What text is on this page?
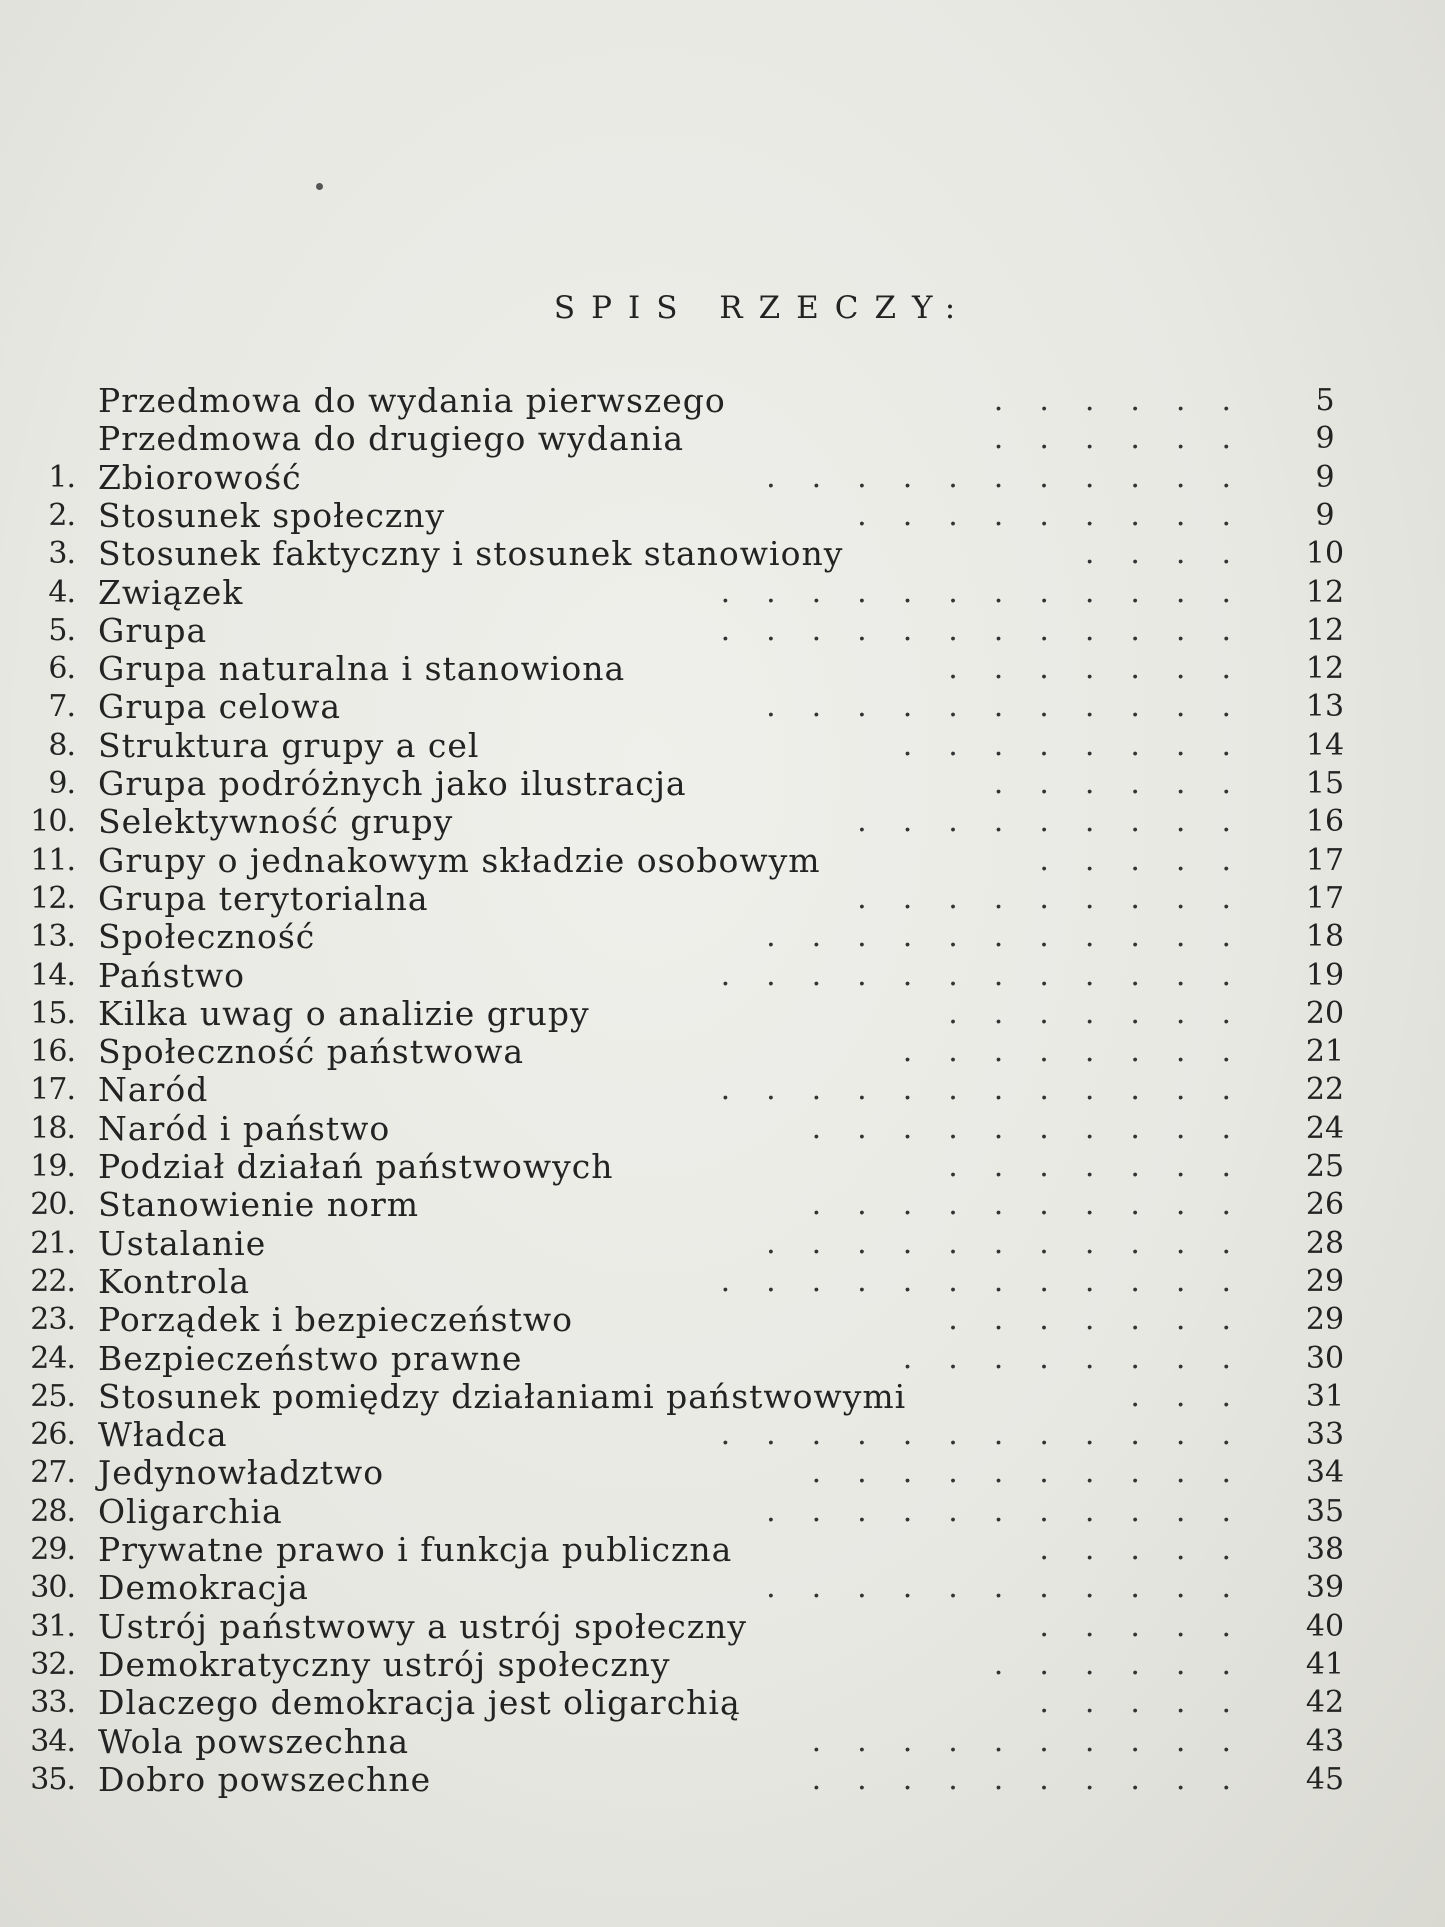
SPIS RZECZY:
Przedmowa do wydania pierwszego	......	5
Przedmowa do drugiego wydania	......	9
1. Zbiorowość	...........	9
2. Stosunek społeczny	.........	9
3. Stosunek faktyczny i stosunek stanowiony	.... 10
4. Związek	............ 12
5. Grupa	............ 12
6. Grupa naturalna i stanowiona	....... 12
7. Grupa celowa	........... 13
8. Struktura grupy a cel	........ 14
9. Grupa podróżnych jako ilustracja	...... 15
10. Selektywność grupy	......... 16
11. Grupy o jednakowym składzie osobowym	..... 17
12. Grupa terytorialna	......... 17
13. Społeczność	........... 18
14. Państwo	............ 19
15. Kilka uwag o analizie grupy	....... 20
16. Społeczność państwowa	........ 21
17. Naród	............ 22
18. Naród i państwo	.......... 24
19. Podział działań państwowych	....... 25
20. Stanowienie norm	.......... 26
21. Ustalanie	........... 28
22. Kontrola	............ 29
23. Porządek i bezpieczeństwo	....... 29
24. Bezpieczeństwo prawne	........ 30
25. Stosunek pomiędzy działaniami państwowymi	... 31
26. Władca	............ 33
27. Jedynowładztwo	.......... 34
28. Oligarchia	........... 35
29. Prywatne prawo i funkcja publiczna	..... 38
30. Demokracja	........... 39
31. Ustrój państwowy a ustrój społeczny	..... 40
32. Demokratyczny ustrój społeczny	...... 41
33. Dlaczego demokracja jest oligarchią	..... 42
34. Wola powszechna	.......... 43
35. Dobro powszechne	.......... 45
